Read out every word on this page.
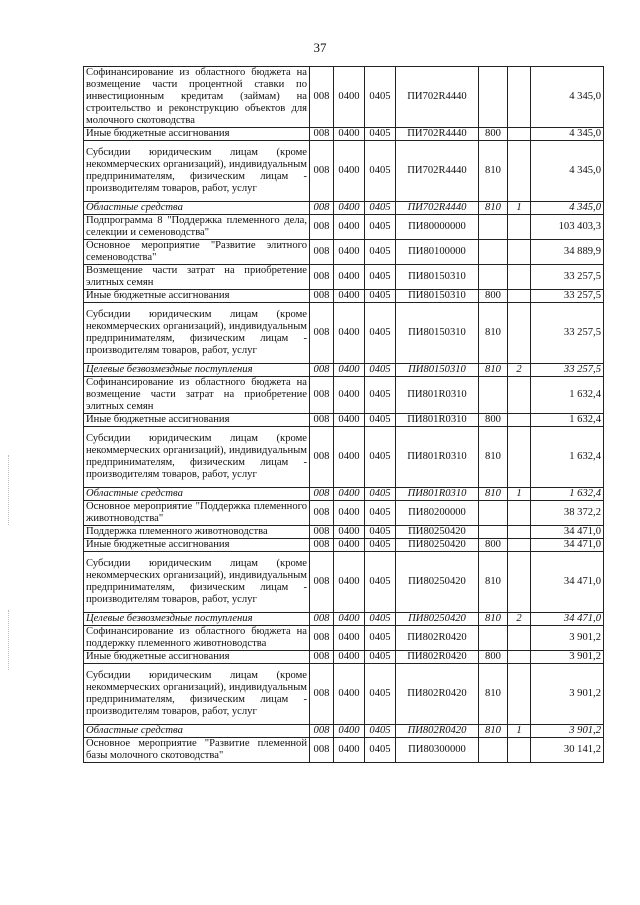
37
Софинансирование из областного бюджета на возмещение части процентной ставки по инвестиционным кредитам (займам) на строительство и реконструкцию объектов для молочного скотоводства	008	0400	0405	ПИ702R4440			4 345,0
Иные бюджетные ассигнования	008	0400	0405	ПИ702R4440	800		4 345,0
Субсидии юридическим лицам (кроме некоммерческих организаций), индивидуальным предпринимателям, физическим лицам - производителям товаров, работ, услуг	008	0400	0405	ПИ702R4440	810		4 345,0
Областные средства	008	0400	0405	ПИ702R4440	810	1	4 345,0
Подпрограмма 8 "Поддержка племенного дела, селекции и семеноводства"	008	0400	0405	ПИ80000000			103 403,3
Основное мероприятие "Развитие элитного семеноводства"	008	0400	0405	ПИ80100000			34 889,9
Возмещение части затрат на приобретение элитных семян	008	0400	0405	ПИ80150310			33 257,5
Иные бюджетные ассигнования	008	0400	0405	ПИ80150310	800		33 257,5
Субсидии юридическим лицам (кроме некоммерческих организаций), индивидуальным предпринимателям, физическим лицам - производителям товаров, работ, услуг	008	0400	0405	ПИ80150310	810		33 257,5
Целевые безвозмездные поступления	008	0400	0405	ПИ80150310	810	2	33 257,5
Софинансирование из областного бюджета на возмещение части затрат на приобретение элитных семян	008	0400	0405	ПИ801R0310			1 632,4
Иные бюджетные ассигнования	008	0400	0405	ПИ801R0310	800		1 632,4
Субсидии юридическим лицам (кроме некоммерческих организаций), индивидуальным предпринимателям, физическим лицам - производителям товаров, работ, услуг	008	0400	0405	ПИ801R0310	810		1 632,4
Областные средства	008	0400	0405	ПИ801R0310	810	1	1 632,4
Основное мероприятие "Поддержка племенного животноводства"	008	0400	0405	ПИ80200000			38 372,2
Поддержка племенного животноводства	008	0400	0405	ПИ80250420			34 471,0
Иные бюджетные ассигнования	008	0400	0405	ПИ80250420	800		34 471,0
Субсидии юридическим лицам (кроме некоммерческих организаций), индивидуальным предпринимателям, физическим лицам - производителям товаров, работ, услуг	008	0400	0405	ПИ80250420	810		34 471,0
Целевые безвозмездные поступления	008	0400	0405	ПИ80250420	810	2	34 471,0
Софинансирование из областного бюджета на поддержку племенного животноводства	008	0400	0405	ПИ802R0420			3 901,2
Иные бюджетные ассигнования	008	0400	0405	ПИ802R0420	800		3 901,2
Субсидии юридическим лицам (кроме некоммерческих организаций), индивидуальным предпринимателям, физическим лицам - производителям товаров, работ, услуг	008	0400	0405	ПИ802R0420	810		3 901,2
Областные средства	008	0400	0405	ПИ802R0420	810	1	3 901,2
Основное мероприятие "Развитие племенной базы молочного скотоводства"	008	0400	0405	ПИ80300000			30 141,2
